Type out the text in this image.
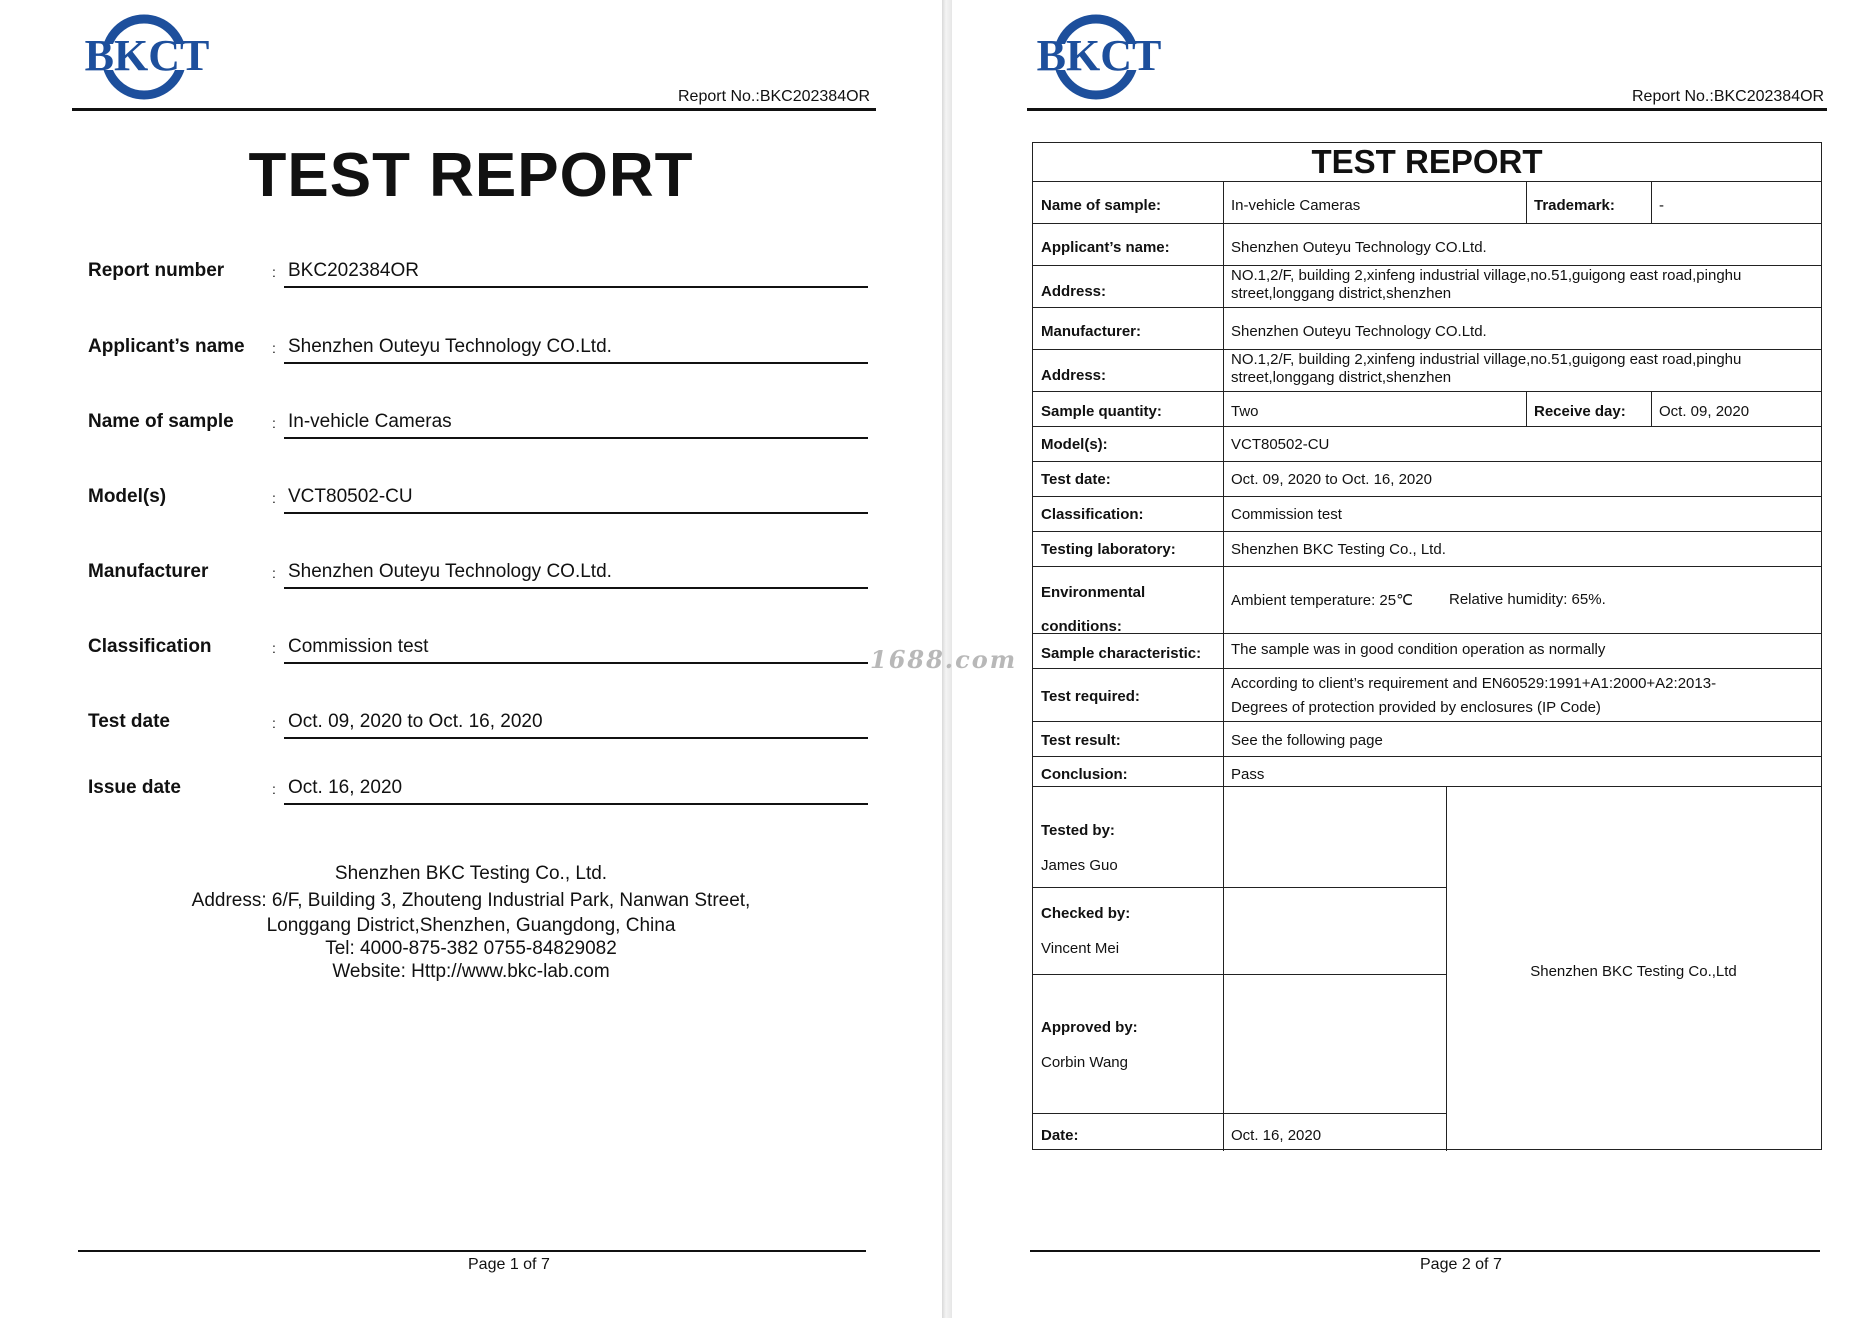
BKCT
Report No.:BKC202384OR
TEST REPORT
Report number	: BKC202384OR
Applicant’s name : Shenzhen Outeyu Technology CO.Ltd.
Name of sample	: In-vehicle Cameras
Model(s)	: VCT80502-CU
Manufacturer	: Shenzhen Outeyu Technology CO.Ltd.
Classification	: Commission test
Test date	: Oct. 09, 2020 to Oct. 16, 2020
Issue date	: Oct. 16, 2020
Shenzhen BKC Testing Co., Ltd.
Address: 6/F, Building 3, Zhouteng Industrial Park, Nanwan Street,
Longgang District,Shenzhen, Guangdong, China
Tel: 4000-875-382 0755-84829082
Website: Http://www.bkc-lab.com
Page 1 of 7
BKCT
Report No.:BKC202384OR
TEST REPORT
Name of sample:	In-vehicle Cameras	Trademark:	-
Applicant’s name:	Shenzhen Outeyu Technology CO.Ltd.
Address:
NO.1,2/F, building 2,xinfeng industrial village,no.51,guigong east road,pinghu
street,longgang district,shenzhen
Manufacturer:	Shenzhen Outeyu Technology CO.Ltd.
Address:
NO.1,2/F, building 2,xinfeng industrial village,no.51,guigong east road,pinghu
street,longgang district,shenzhen
Sample quantity:	Two	Receive day: Oct. 09, 2020
Model(s):	VCT80502-CU
Test date:	Oct. 09, 2020 to Oct. 16, 2020
Classification:	Commission test
Testing laboratory:	Shenzhen BKC Testing Co., Ltd.
Environmental
conditions:
Ambient temperature: 25℃ Relative humidity: 65%.
Sample characteristic: The sample was in good condition operation as normally
Test required:
According to client’s requirement and EN60529:1991+A1:2000+A2:2013-
Degrees of protection provided by enclosures (IP Code)
Test result:	See the following page
Conclusion:	Pass
Tested by:
James Guo
Checked by:
Vincent Mei
Approved by:
Corbin Wang
Date:	Oct. 16, 2020
Shenzhen BKC Testing Co.,Ltd
Page 2 of 7
1688.com
